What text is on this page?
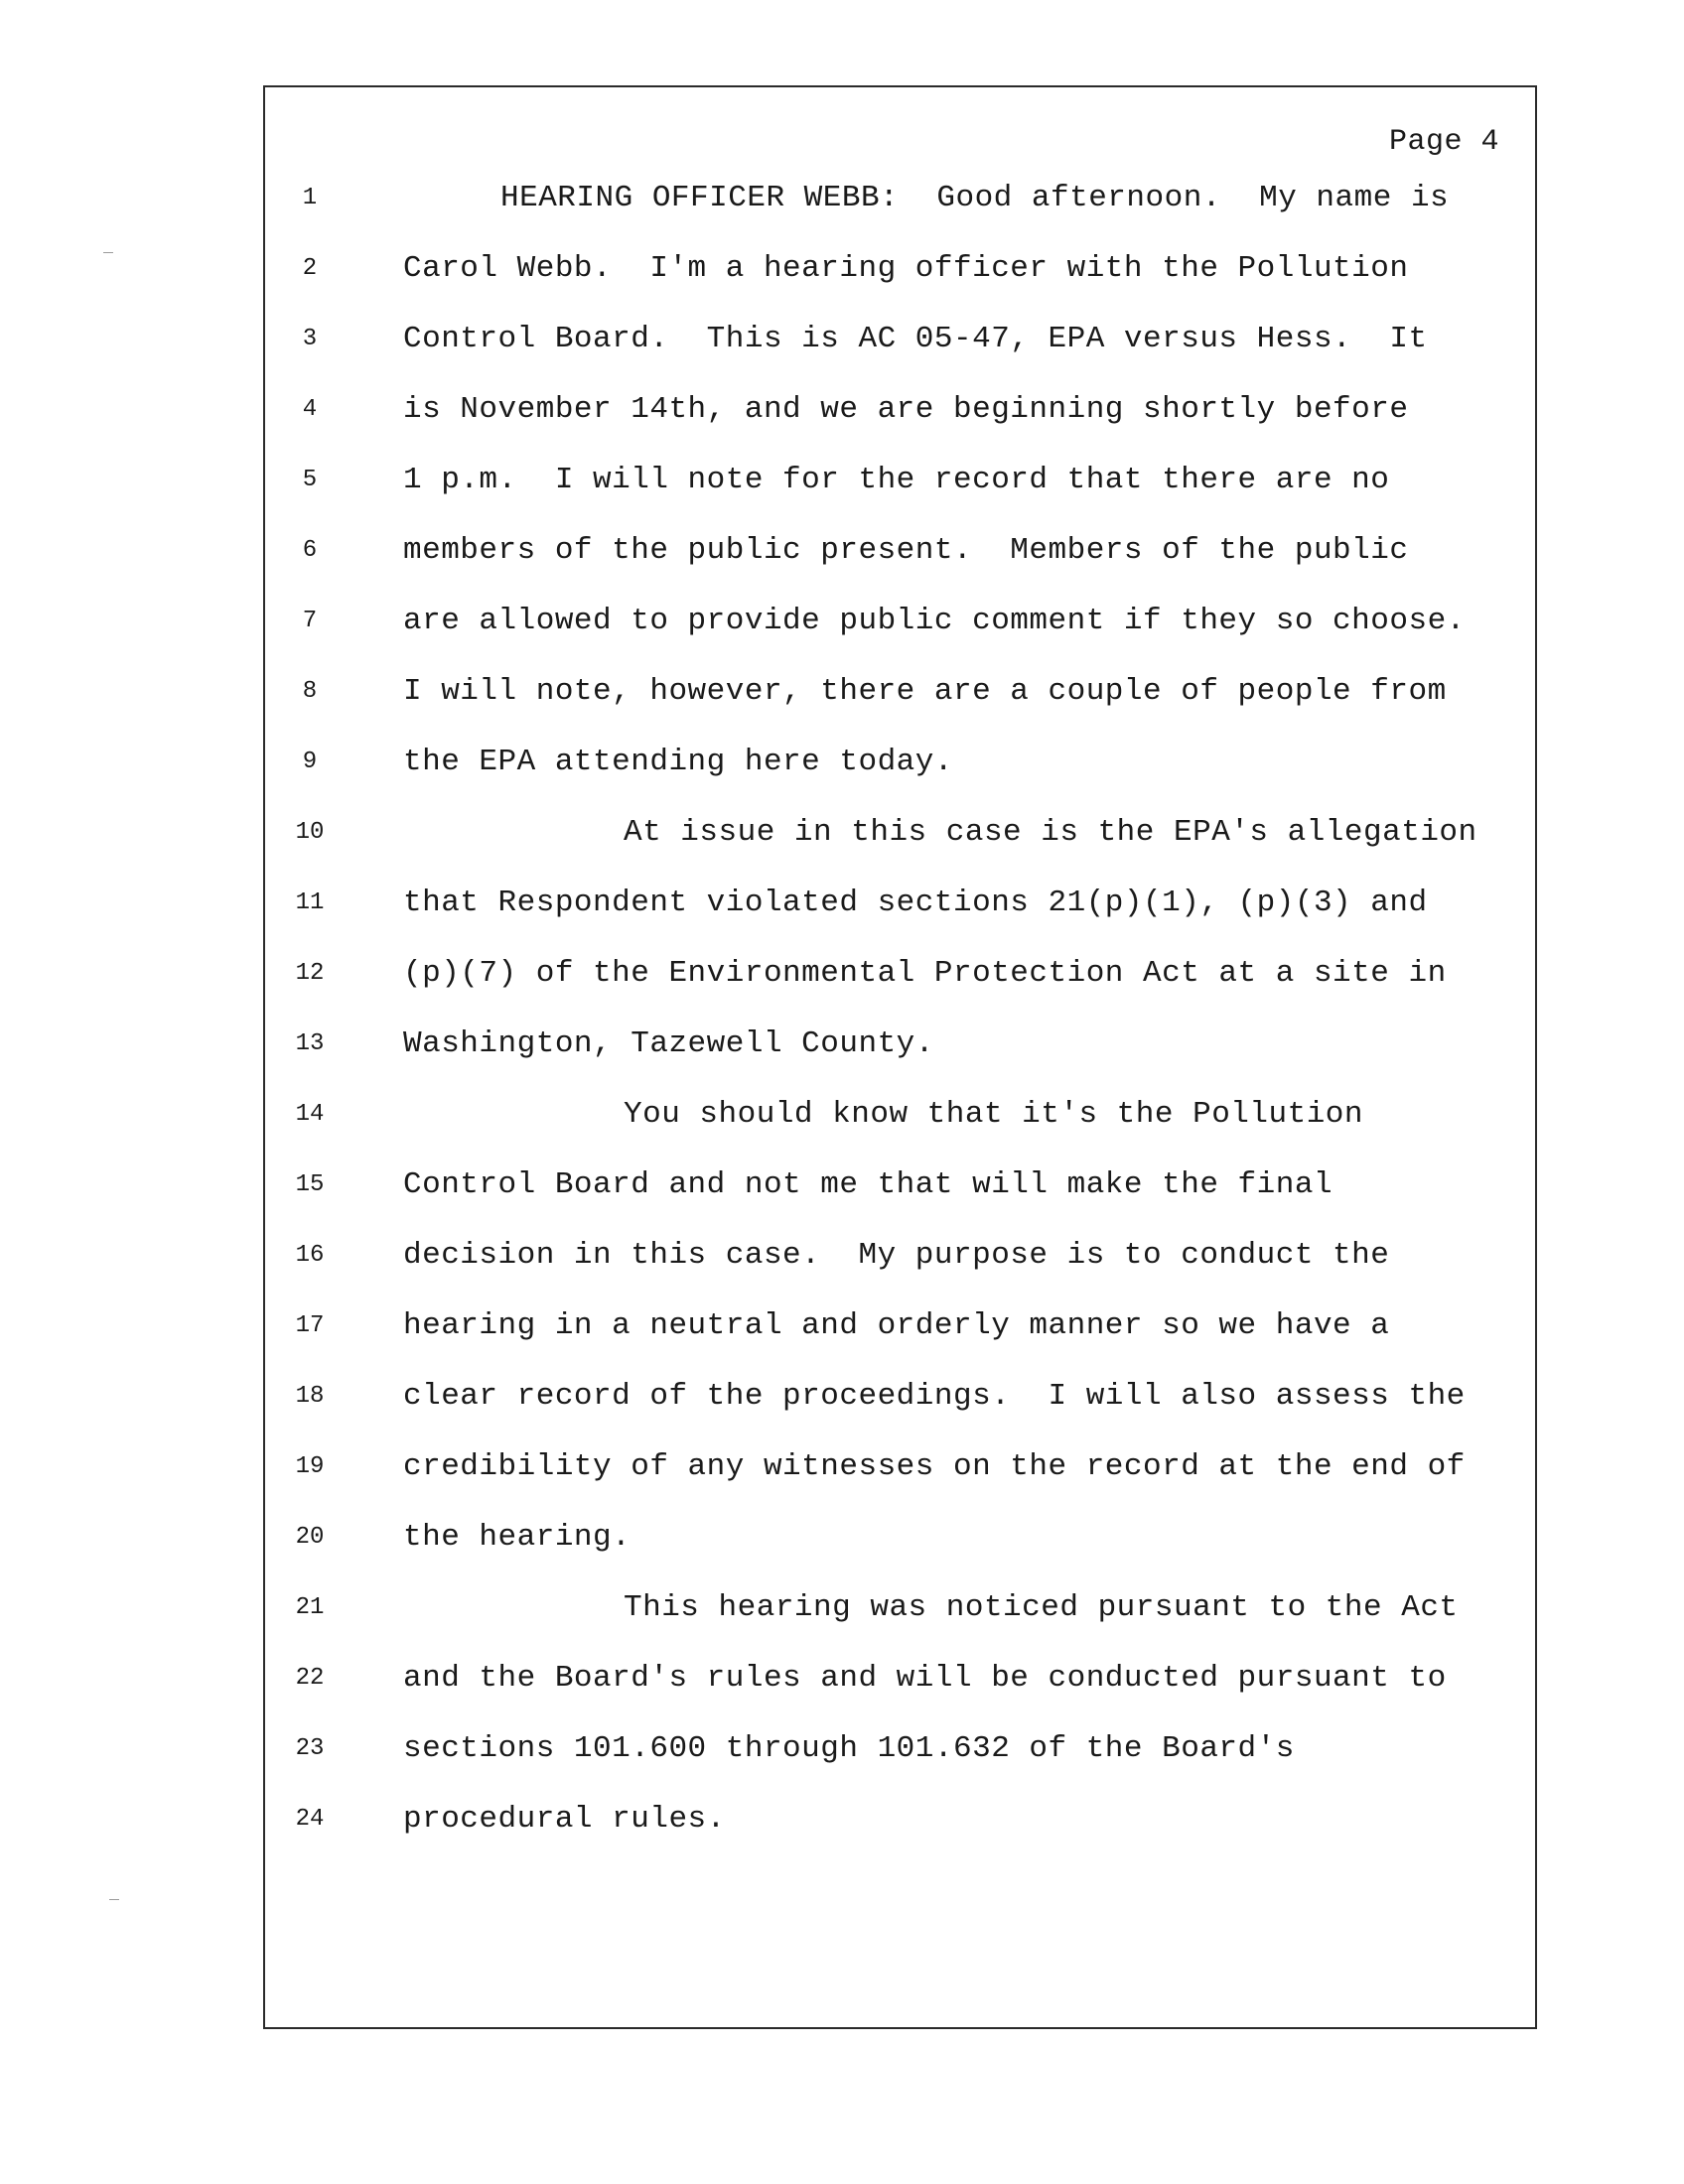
Page 4
1	HEARING OFFICER WEBB:  Good afternoon.  My name is
2	Carol Webb.  I'm a hearing officer with the Pollution
3	Control Board.  This is AC 05-47, EPA versus Hess.  It
4	is November 14th, and we are beginning shortly before
5	1 p.m.  I will note for the record that there are no
6	members of the public present.  Members of the public
7	are allowed to provide public comment if they so choose.
8	I will note, however, there are a couple of people from
9	the EPA attending here today.
10	At issue in this case is the EPA's allegation
11	that Respondent violated sections 21(p)(1), (p)(3) and
12	(p)(7) of the Environmental Protection Act at a site in
13	Washington, Tazewell County.
14	You should know that it's the Pollution
15	Control Board and not me that will make the final
16	decision in this case.  My purpose is to conduct the
17	hearing in a neutral and orderly manner so we have a
18	clear record of the proceedings.  I will also assess the
19	credibility of any witnesses on the record at the end of
20	the hearing.
21	This hearing was noticed pursuant to the Act
22	and the Board's rules and will be conducted pursuant to
23	sections 101.600 through 101.632 of the Board's
24	procedural rules.
